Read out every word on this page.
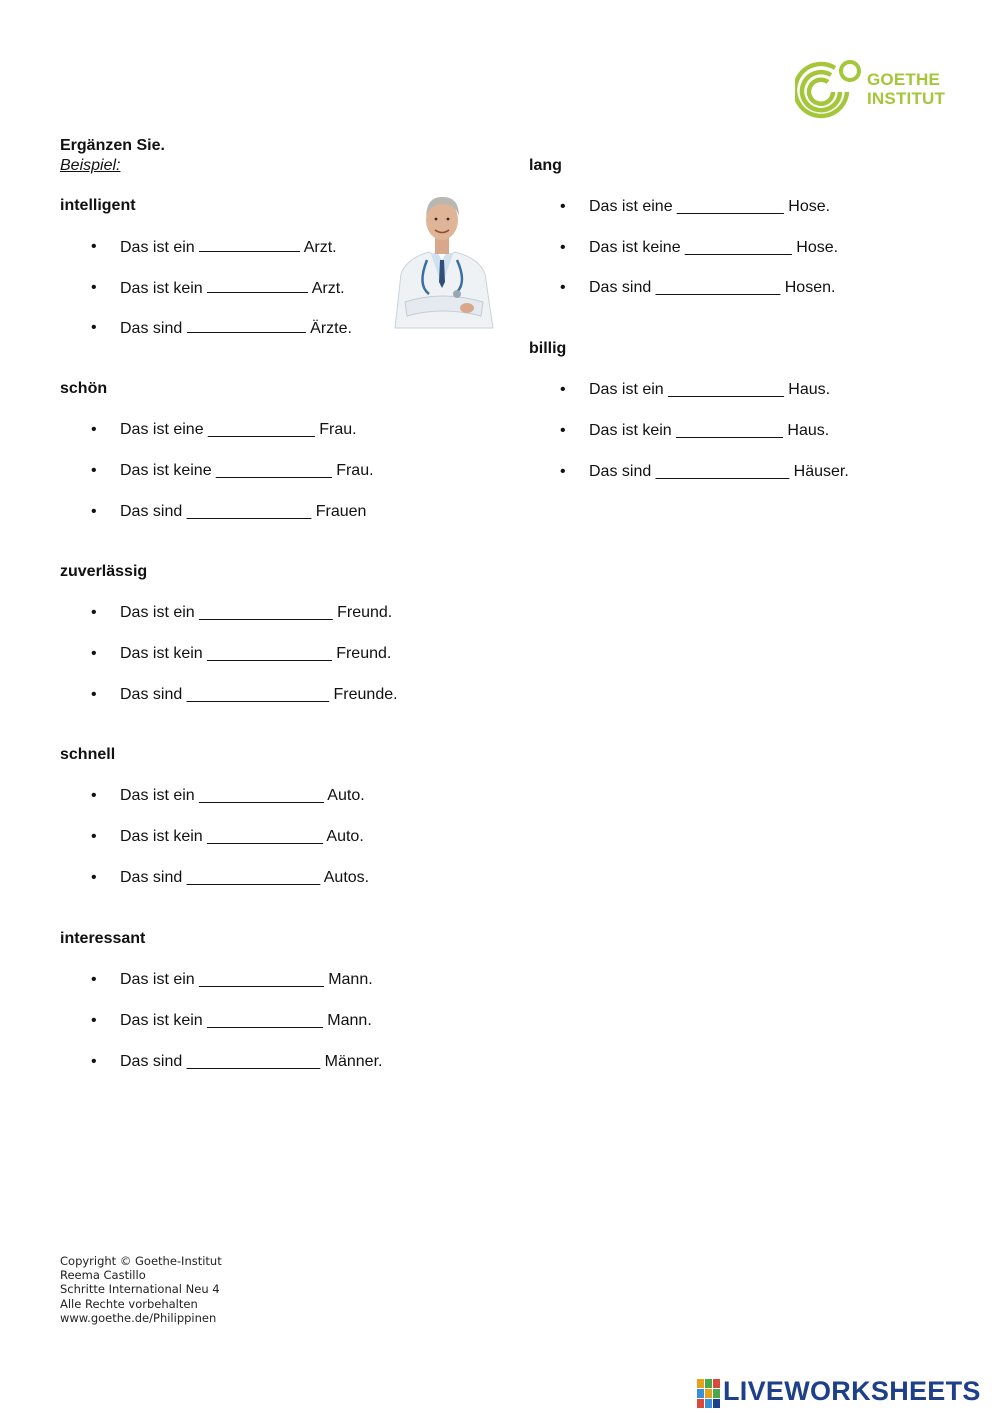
GOETHE
INSTITUT
Ergänzen Sie.
Beispiel:
intelligent
• Das ist ein	Arzt.
• Das ist kein	Arzt.
• Das sind	Ärzte.
schön
• Das ist eine ____________ Frau.
• Das ist keine _____________ Frau.
• Das sind ______________ Frauen
zuverlässig
• Das ist ein _______________ Freund.
• Das ist kein ______________ Freund.
• Das sind ________________ Freunde.
schnell
• Das ist ein ______________ Auto.
• Das ist kein _____________ Auto.
• Das sind _______________ Autos.
interessant
• Das ist ein ______________ Mann.
• Das ist kein _____________ Mann.
• Das sind _______________ Männer.
lang
• Das ist eine ____________ Hose.
• Das ist keine ____________ Hose.
• Das sind ______________ Hosen.
billig
• Das ist ein _____________ Haus.
• Das ist kein ____________ Haus.
• Das sind _______________ Häuser.
Copyright © Goethe-Institut
Reema Castillo
Schritte International Neu 4
Alle Rechte vorbehalten
www.goethe.de/Philippinen
LIVEWORKSHEETS
